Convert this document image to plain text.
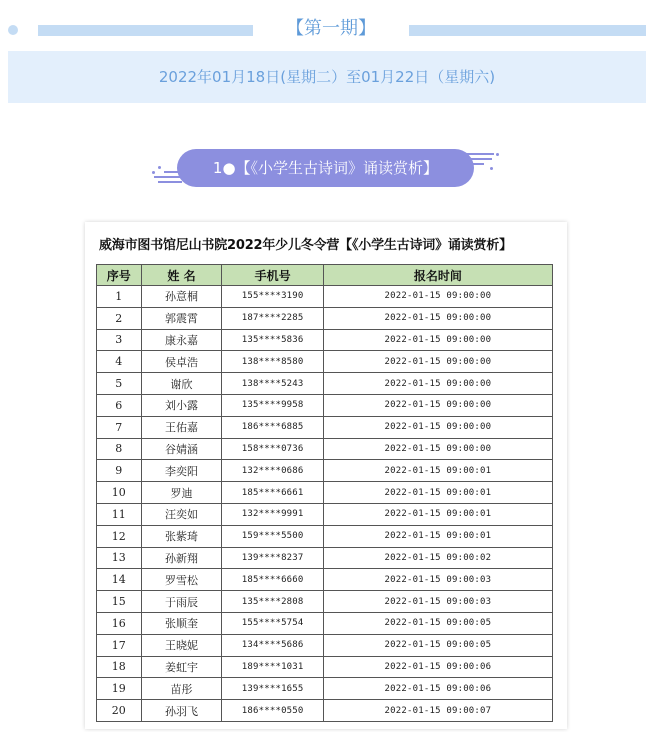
【第一期】
2022年01月18日(星期二）至01月22日（星期六)
1●【《小学生古诗词》诵读赏析】
威海市图书馆尼山书院2022年少儿冬令营【《小学生古诗词》诵读赏析】
序号	姓 名	手机号	报名时间
1	孙意桐	155****3190	2022-01-15 09:00:00
2	郭震霄	187****2285	2022-01-15 09:00:00
3	康永嘉	135****5836	2022-01-15 09:00:00
4	侯卓浩	138****8580	2022-01-15 09:00:00
5	谢欣	138****5243	2022-01-15 09:00:00
6	刘小露	135****9958	2022-01-15 09:00:00
7	王佑嘉	186****6885	2022-01-15 09:00:00
8	谷婧涵	158****0736	2022-01-15 09:00:00
9	李奕阳	132****0686	2022-01-15 09:00:01
10	罗迪	185****6661	2022-01-15 09:00:01
11	汪奕如	132****9991	2022-01-15 09:00:01
12	张紫琦	159****5500	2022-01-15 09:00:01
13	孙新翔	139****8237	2022-01-15 09:00:02
14	罗雪松	185****6660	2022-01-15 09:00:03
15	于雨辰	135****2808	2022-01-15 09:00:03
16	张顺奎	155****5754	2022-01-15 09:00:05
17	王晓妮	134****5686	2022-01-15 09:00:05
18	姜虹宇	189****1031	2022-01-15 09:00:06
19	苗彤	139****1655	2022-01-15 09:00:06
20	孙羽飞	186****0550	2022-01-15 09:00:07
